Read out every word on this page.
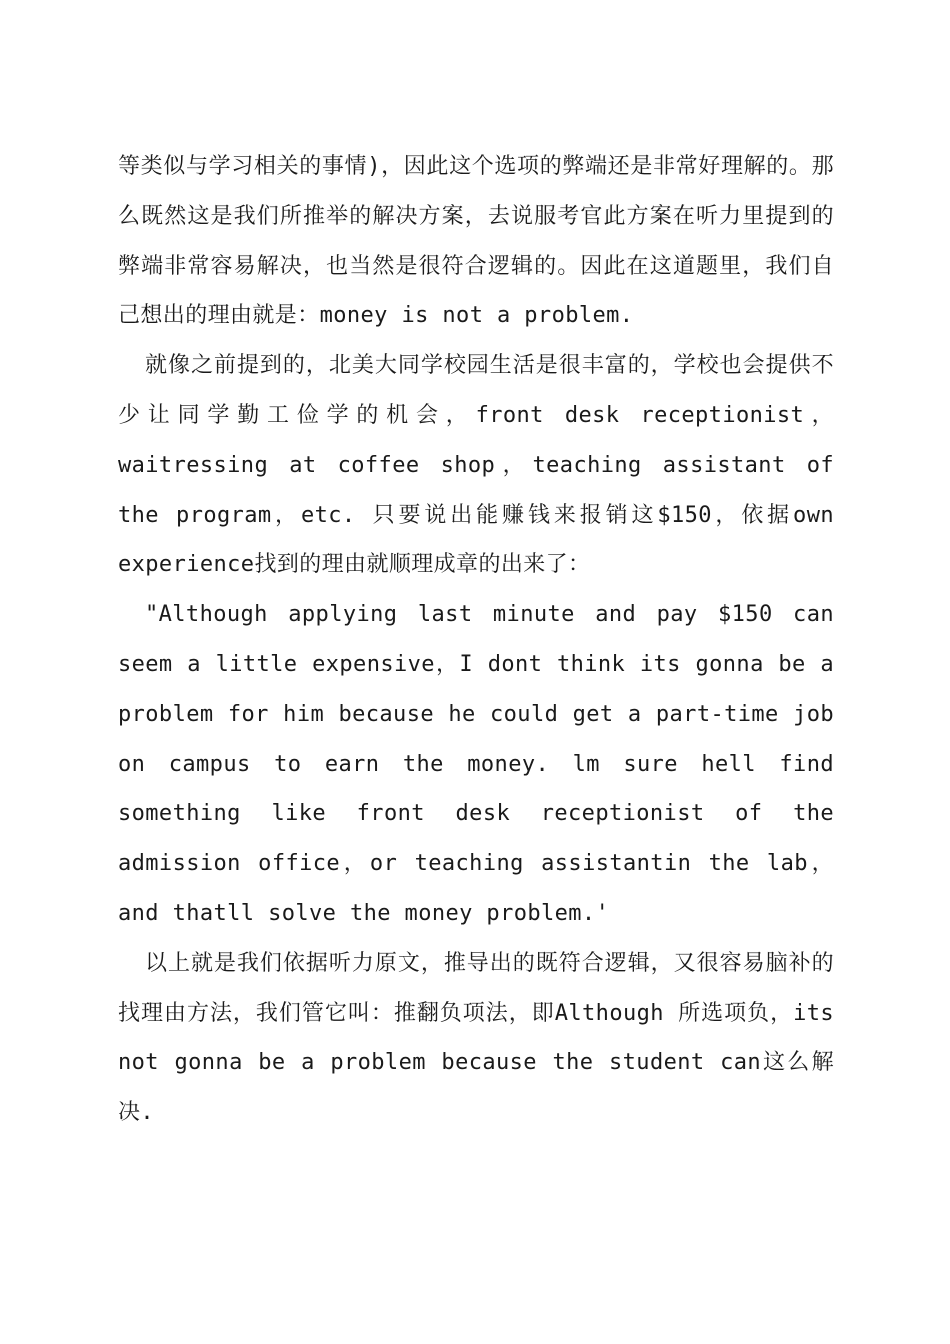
等类似与学习相关的事情)，因此这个选项的弊端还是非常好理解的。那么既然这是我们所推举的解决方案，去说服考官此方案在听力里提到的弊端非常容易解决，也当然是很符合逻辑的。因此在这道题里，我们自己想出的理由就是：money is not a problem.

就像之前提到的，北美大同学校园生活是很丰富的，学校也会提供不少让同学勤工俭学的机会，front desk receptionist，waitressing at coffee shop，teaching assistant of the program，etc. 只要说出能赚钱来报销这$150，依据own experience找到的理由就顺理成章的出来了：

"Although applying last minute and pay $150 can seem a little expensive，I dont think its gonna be a problem for him because he could get a part-time job on campus to earn the money. lm sure hell find something like front desk receptionist of the admission office，or teaching assistantin the lab，and thatll solve the money problem.'

以上就是我们依据听力原文，推导出的既符合逻辑，又很容易脑补的找理由方法，我们管它叫：推翻负项法，即Although 所选项负，its not gonna be a problem because the student can这么解决.
